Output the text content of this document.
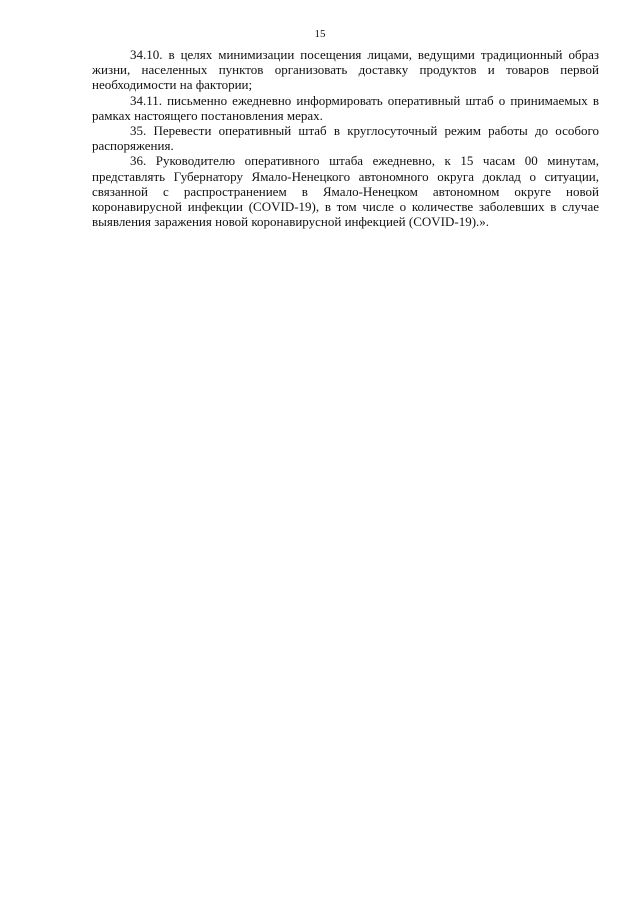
15

34.10. в целях минимизации посещения лицами, ведущими традиционный образ жизни, населенных пунктов организовать доставку продуктов и товаров первой необходимости на фактории;

34.11. письменно ежедневно информировать оперативный штаб о принимаемых в рамках настоящего постановления мерах.

35. Перевести оперативный штаб в круглосуточный режим работы до особого распоряжения.

36. Руководителю оперативного штаба ежедневно, к 15 часам 00 минутам, представлять Губернатору Ямало-Ненецкого автономного округа доклад о ситуации, связанной с распространением в Ямало-Ненецком автономном округе новой коронавирусной инфекции (COVID-19), в том числе о количестве заболевших в случае выявления заражения новой коронавирусной инфекцией (COVID-19).».
